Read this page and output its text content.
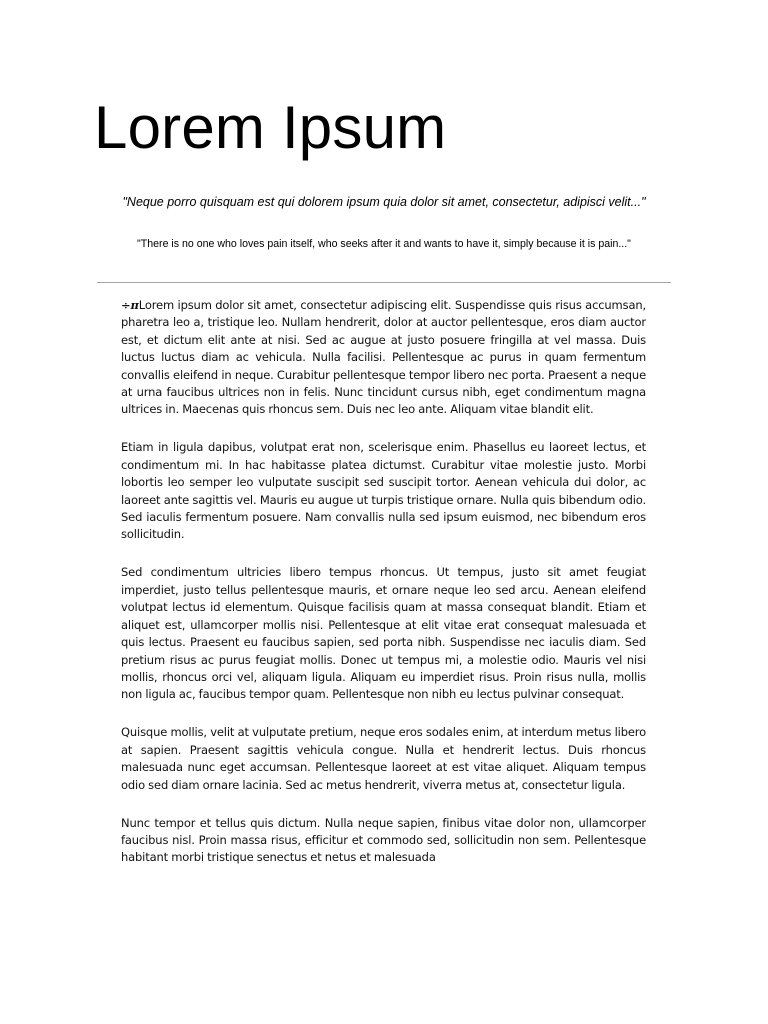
Lorem Ipsum

"Neque porro quisquam est qui dolorem ipsum quia dolor sit amet, consectetur, adipisci velit..."

"There is no one who loves pain itself, who seeks after it and wants to have it, simply because it is pain..."

÷πLorem ipsum dolor sit amet, consectetur adipiscing elit. Suspendisse quis risus accumsan, pharetra leo a, tristique leo. Nullam hendrerit, dolor at auctor pellentesque, eros diam auctor est, et dictum elit ante at nisi. Sed ac augue at justo posuere fringilla at vel massa. Duis luctus luctus diam ac vehicula. Nulla facilisi. Pellentesque ac purus in quam fermentum convallis eleifend in neque. Curabitur pellentesque tempor libero nec porta. Praesent a neque at urna faucibus ultrices non in felis. Nunc tincidunt cursus nibh, eget condimentum magna ultrices in. Maecenas quis rhoncus sem. Duis nec leo ante. Aliquam vitae blandit elit.

Etiam in ligula dapibus, volutpat erat non, scelerisque enim. Phasellus eu laoreet lectus, et condimentum mi. In hac habitasse platea dictumst. Curabitur vitae molestie justo. Morbi lobortis leo semper leo vulputate suscipit sed suscipit tortor. Aenean vehicula dui dolor, ac laoreet ante sagittis vel. Mauris eu augue ut turpis tristique ornare. Nulla quis bibendum odio. Sed iaculis fermentum posuere. Nam convallis nulla sed ipsum euismod, nec bibendum eros sollicitudin.

Sed condimentum ultricies libero tempus rhoncus. Ut tempus, justo sit amet feugiat imperdiet, justo tellus pellentesque mauris, et ornare neque leo sed arcu. Aenean eleifend volutpat lectus id elementum. Quisque facilisis quam at massa consequat blandit. Etiam et aliquet est, ullamcorper mollis nisi. Pellentesque at elit vitae erat consequat malesuada et quis lectus. Praesent eu faucibus sapien, sed porta nibh. Suspendisse nec iaculis diam. Sed pretium risus ac purus feugiat mollis. Donec ut tempus mi, a molestie odio. Mauris vel nisi mollis, rhoncus orci vel, aliquam ligula. Aliquam eu imperdiet risus. Proin risus nulla, mollis non ligula ac, faucibus tempor quam. Pellentesque non nibh eu lectus pulvinar consequat.

Quisque mollis, velit at vulputate pretium, neque eros sodales enim, at interdum metus libero at sapien. Praesent sagittis vehicula congue. Nulla et hendrerit lectus. Duis rhoncus malesuada nunc eget accumsan. Pellentesque laoreet at est vitae aliquet. Aliquam tempus odio sed diam ornare lacinia. Sed ac metus hendrerit, viverra metus at, consectetur ligula.

Nunc tempor et tellus quis dictum. Nulla neque sapien, finibus vitae dolor non, ullamcorper faucibus nisl. Proin massa risus, efficitur et commodo sed, sollicitudin non sem. Pellentesque habitant morbi tristique senectus et netus et malesuada
